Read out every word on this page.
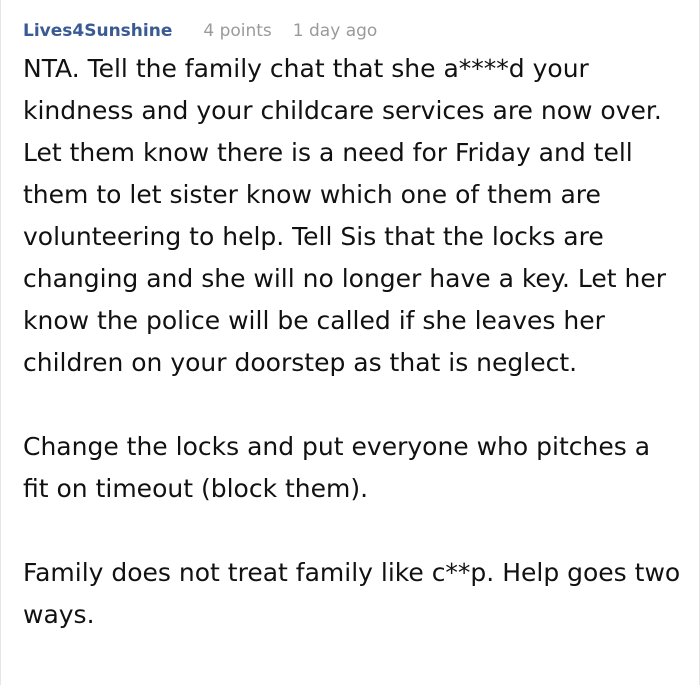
Lives4Sunshine 4 points 1 day ago

NTA. Tell the family chat that she a****d your kindness and your childcare services are now over. Let them know there is a need for Friday and tell them to let sister know which one of them are volunteering to help. Tell Sis that the locks are changing and she will no longer have a key. Let her know the police will be called if she leaves her children on your doorstep as that is neglect.

Change the locks and put everyone who pitches a fit on timeout (block them).

Family does not treat family like c**p. Help goes two ways.
